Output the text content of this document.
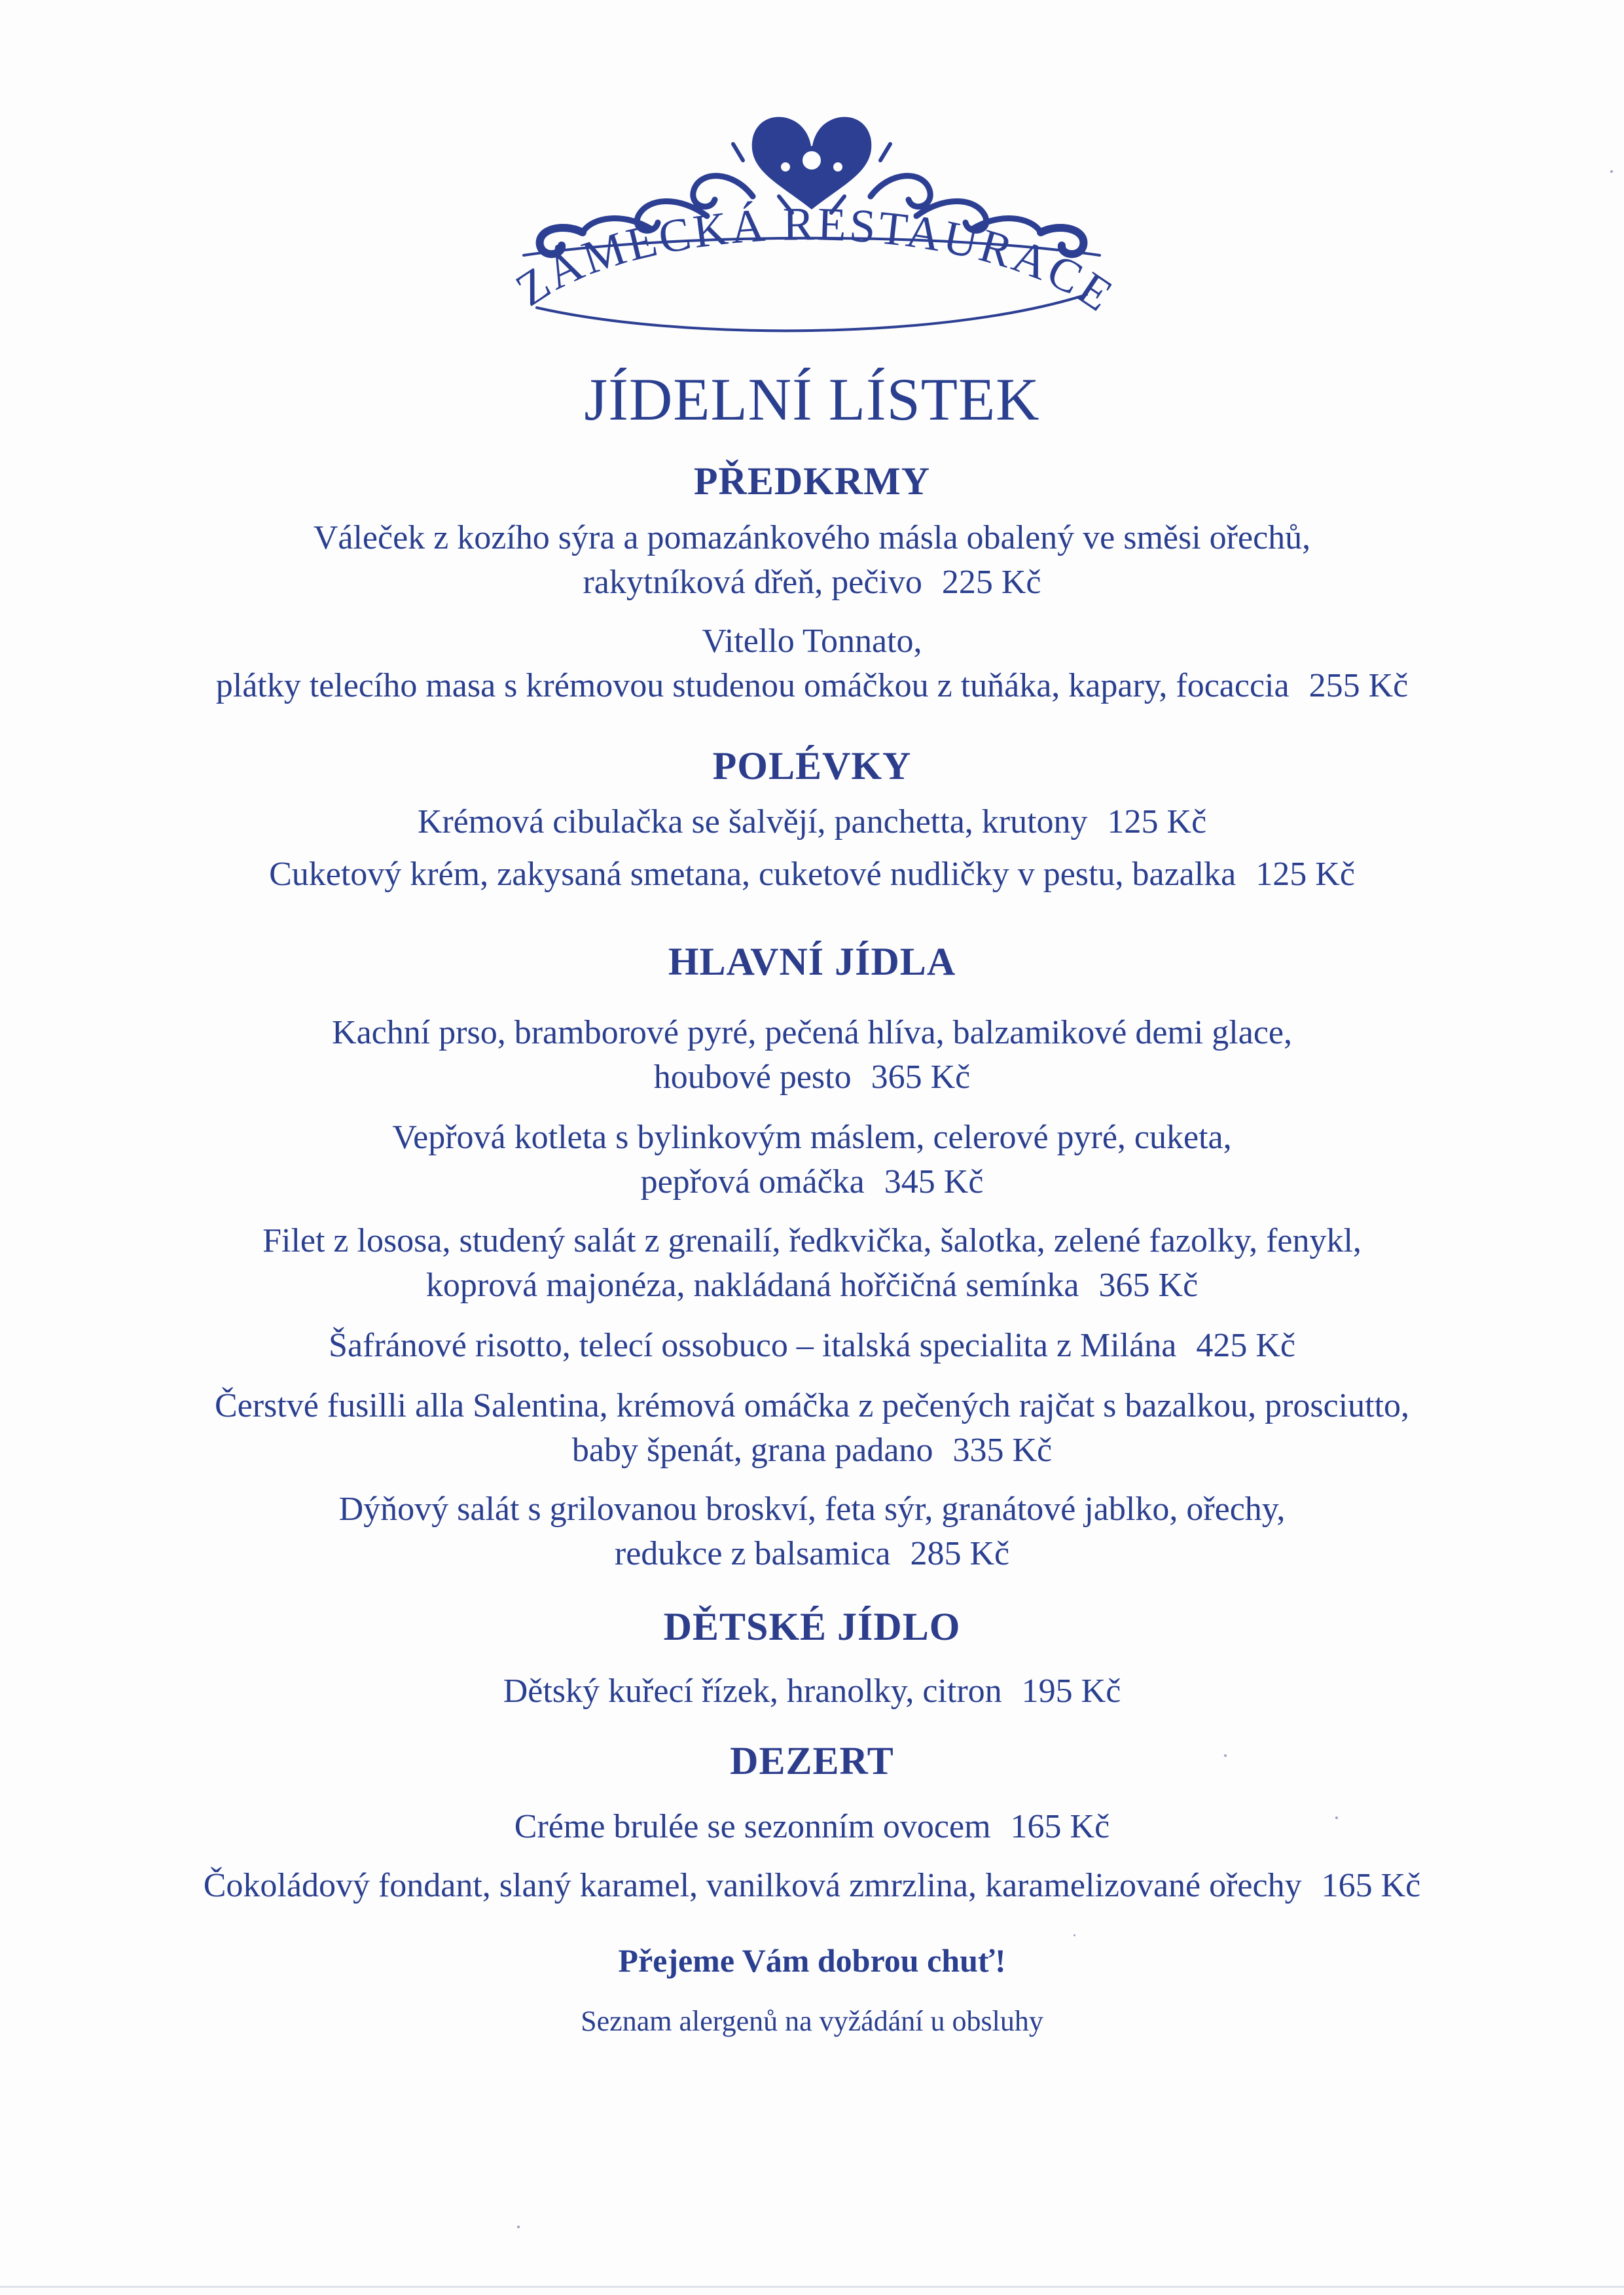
ZÁMECKÁ RESTAURACE
JÍDELNÍ LÍSTEK
PŘEDKRMY
Váleček z kozího sýra a pomazánkového másla obalený ve směsi ořechů,
rakytníková dřeň, pečivo 225 Kč
Vitello Tonnato,
plátky telecího masa s krémovou studenou omáčkou z tuňáka, kapary, focaccia 255 Kč
POLÉVKY
Krémová cibulačka se šalvějí, panchetta, krutony 125 Kč
Cuketový krém, zakysaná smetana, cuketové nudličky v pestu, bazalka 125 Kč
HLAVNÍ JÍDLA
Kachní prso, bramborové pyré, pečená hlíva, balzamikové demi glace,
houbové pesto 365 Kč
Vepřová kotleta s bylinkovým máslem, celerové pyré, cuketa,
pepřová omáčka 345 Kč
Filet z lososa, studený salát z grenailí, ředkvička, šalotka, zelené fazolky, fenykl,
koprová majonéza, nakládaná hořčičná semínka 365 Kč
Šafránové risotto, telecí ossobuco – italská specialita z Milána 425 Kč
Čerstvé fusilli alla Salentina, krémová omáčka z pečených rajčat s bazalkou, prosciutto,
baby špenát, grana padano 335 Kč
Dýňový salát s grilovanou broskví, feta sýr, granátové jablko, ořechy,
redukce z balsamica 285 Kč
DĚTSKÉ JÍDLO
Dětský kuřecí řízek, hranolky, citron 195 Kč
DEZERT
Créme brulée se sezonním ovocem 165 Kč
Čokoládový fondant, slaný karamel, vanilková zmrzlina, karamelizované ořechy 165 Kč
Přejeme Vám dobrou chuť!
Seznam alergenů na vyžádání u obsluhy
